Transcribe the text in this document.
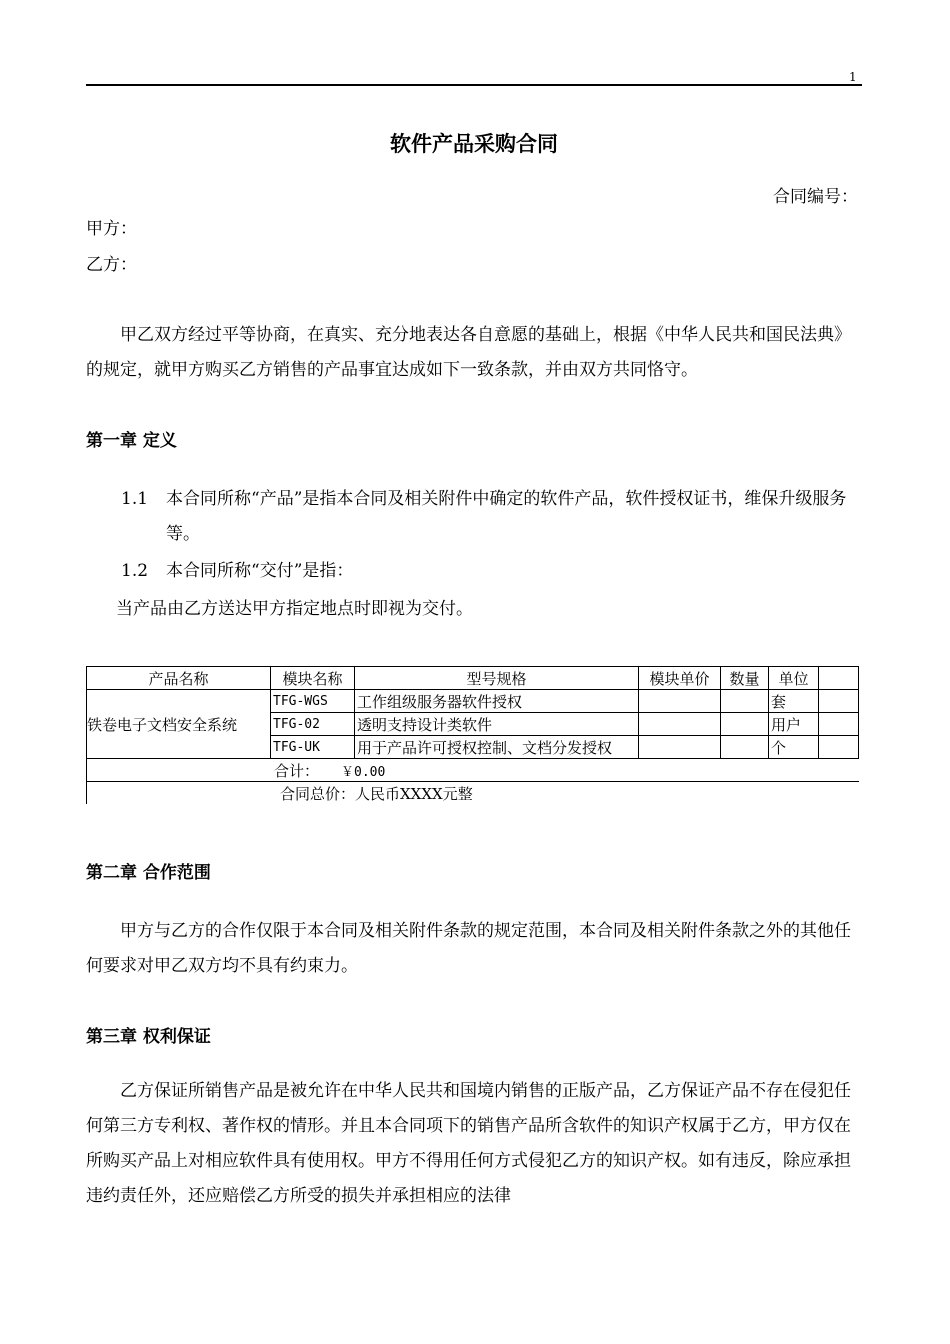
1
软件产品采购合同
合同编号：
甲方：
乙方：
甲乙双方经过平等协商，在真实、充分地表达各自意愿的基础上，根据《中华人民共和国民法典》的规定，就甲方购买乙方销售的产品事宜达成如下一致条款，并由双方共同恪守。
第一章 定义
1.1	本合同所称“产品”是指本合同及相关附件中确定的软件产品，软件授权证书，维保升级服务等。
1.2	本合同所称“交付”是指：
当产品由乙方送达甲方指定地点时即视为交付。
产品名称	模块名称	型号规格	模块单价	数量	单位	
铁卷电子文档安全系统	TFG-WGS	工作组级服务器软件授权			套	
	TFG-02	透明支持设计类软件			用户	
	TFG-UK	用于产品许可授权控制、文档分发授权			个	
合计： ￥0.00						
合同总价：人民币XXXX元整						
第二章 合作范围
甲方与乙方的合作仅限于本合同及相关附件条款的规定范围，本合同及相关附件条款之外的其他任何要求对甲乙双方均不具有约束力。
第三章 权利保证
乙方保证所销售产品是被允许在中华人民共和国境内销售的正版产品，乙方保证产品不存在侵犯任何第三方专利权、著作权的情形。并且本合同项下的销售产品所含软件的知识产权属于乙方，甲方仅在所购买产品上对相应软件具有使用权。甲方不得用任何方式侵犯乙方的知识产权。如有违反，除应承担违约责任外，还应赔偿乙方所受的损失并承担相应的法律
